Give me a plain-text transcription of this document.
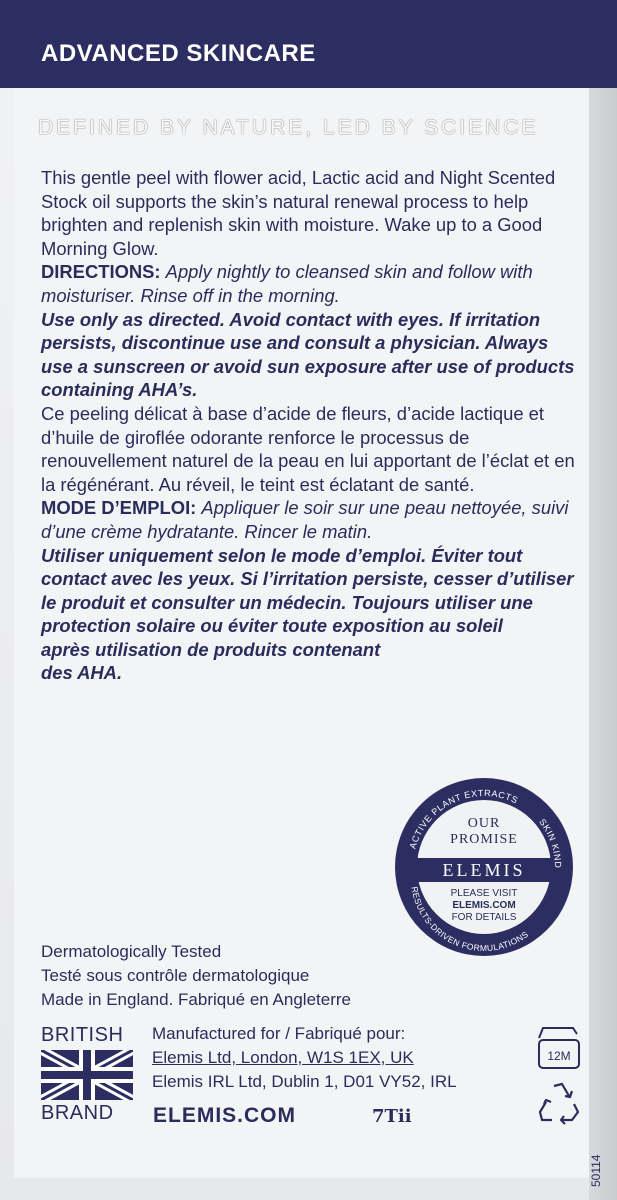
ADVANCED SKINCARE
DEFINED BY NATURE, LED BY SCIENCE

This gentle peel with flower acid, Lactic acid and Night Scented Stock oil supports the skin’s natural renewal process to help brighten and replenish skin with moisture. Wake up to a Good Morning Glow.

DIRECTIONS: Apply nightly to cleansed skin and follow with moisturiser. Rinse off in the morning.

Use only as directed. Avoid contact with eyes. If irritation persists, discontinue use and consult a physician. Always use a sunscreen or avoid sun exposure after use of products containing AHA’s.

Ce peeling délicat à base d’acide de fleurs, d’acide lactique et d’huile de giroflée odorante renforce le processus de renouvellement naturel de la peau en lui apportant de l’éclat et en la régénérant. Au réveil, le teint est éclatant de santé.

MODE D’EMPLOI: Appliquer le soir sur une peau nettoyée, suivi d’une crème hydratante. Rincer le matin.

Utiliser uniquement selon le mode d’emploi. Éviter tout contact avec les yeux. Si l’irritation persiste, cesser d’utiliser le produit et consulter un médecin. Toujours utiliser une protection solaire ou éviter toute exposition au soleil

après utilisation de produits contenant des AHA.

ACTIVE PLANT EXTRACTS
SKIN KIND
RESULTS-DRIVEN FORMULATIONS
OUR
PROMISE
ELEMIS
PLEASE VISIT
ELEMIS.COM
FOR DETAILS
Dermatologically Tested
Testé sous contrôle dermatologique
Made in England. Fabriqué en Angleterre
BRITISH
BRAND
Manufactured for / Fabriqué pour:
Elemis Ltd, London, W1S 1EX, UK
Elemis IRL Ltd, Dublin 1, D01 VY52, IRL
ELEMIS.COM	7Tii
12M
50114
